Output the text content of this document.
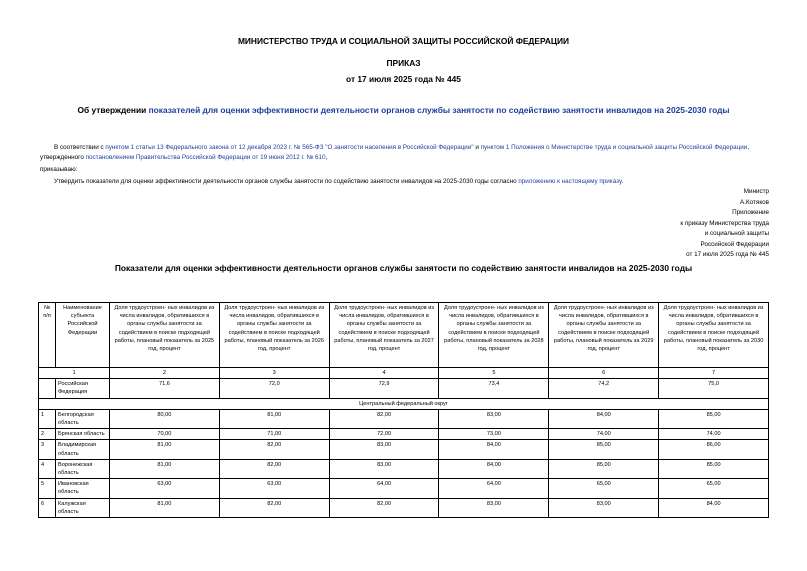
МИНИСТЕРСТВО ТРУДА И СОЦИАЛЬНОЙ ЗАЩИТЫ РОССИЙСКОЙ ФЕДЕРАЦИИ
ПРИКАЗ
от 17 июля 2025 года № 445
Об утверждении показателей для оценки эффективности деятельности органов службы занятости по содействию занятости инвалидов на 2025-2030 годы
В соответствии с пунктом 1 статьи 13 Федерального закона от 12 декабря 2023 г. № 565-ФЗ "О занятости населения в Российской Федерации" и пунктом 1 Положения о Министерстве труда и социальной защиты Российской Федерации, утвержденного постановлением Правительства Российской Федерации от 19 июня 2012 г. № 610,
приказываю:
Утвердить показатели для оценки эффективности деятельности органов службы занятости по содействию занятости инвалидов на 2025-2030 годы согласно приложению к настоящему приказу.
Министр
А.Котяков
Приложение
к приказу Министерства труда
и социальной защиты
Российской Федерации
от 17 июля 2025 года № 445
Показатели для оценки эффективности деятельности органов службы занятости по содействию занятости инвалидов на 2025-2030 годы
№ п/п	Наименование субъекта Российской Федерации	Доля трудоустроен- ных инвалидов из числа инвалидов, обратившихся в органы службы занятости за содействием в поиске подходящей работы, плановый показатель за 2025 год, процент	Доля трудоустроен- ных инвалидов из числа инвалидов, обратившихся в органы службы занятости за содействием в поиске подходящей работы, плановый показатель за 2026 год, процент	Доля трудоустроен- ных инвалидов из числа инвалидов, обратившихся в органы службы занятости за содействием в поиске подходящей работы, плановый показатель за 2027 год, процент	Доля трудоустроен- ных инвалидов из числа инвалидов, обратившихся в органы службы занятости за содействием в поиске подходящей работы, плановый показатель за 2028 год, процент	Доля трудоустроен- ных инвалидов из числа инвалидов, обратившихся в органы службы занятости за содействием в поиске подходящей работы, плановый показатель за 2029 год, процент	Доля трудоустроен- ных инвалидов из числа инвалидов, обратившихся в органы службы занятости за содействием в поиске подходящей работы, плановый показатель за 2030 год, процент
1		2	3	4	5	6	7
	Российская Федерация	71,6	72,0	72,9	73,4	74,2	75,0
Центральный федеральный округ							
1	Белгородская область	80,00	81,00	82,00	83,00	84,00	85,00
2	Брянская область	70,00	71,00	72,00	73,00	74,00	74,00
3	Владимирская область	81,00	82,00	83,00	84,00	85,00	86,00
4	Воронежская область	81,00	82,00	83,00	84,00	85,00	85,00
5	Ивановская область	63,00	63,00	64,00	64,00	65,00	65,00
6	Калужская область	81,00	82,00	82,00	83,00	83,00	84,00
